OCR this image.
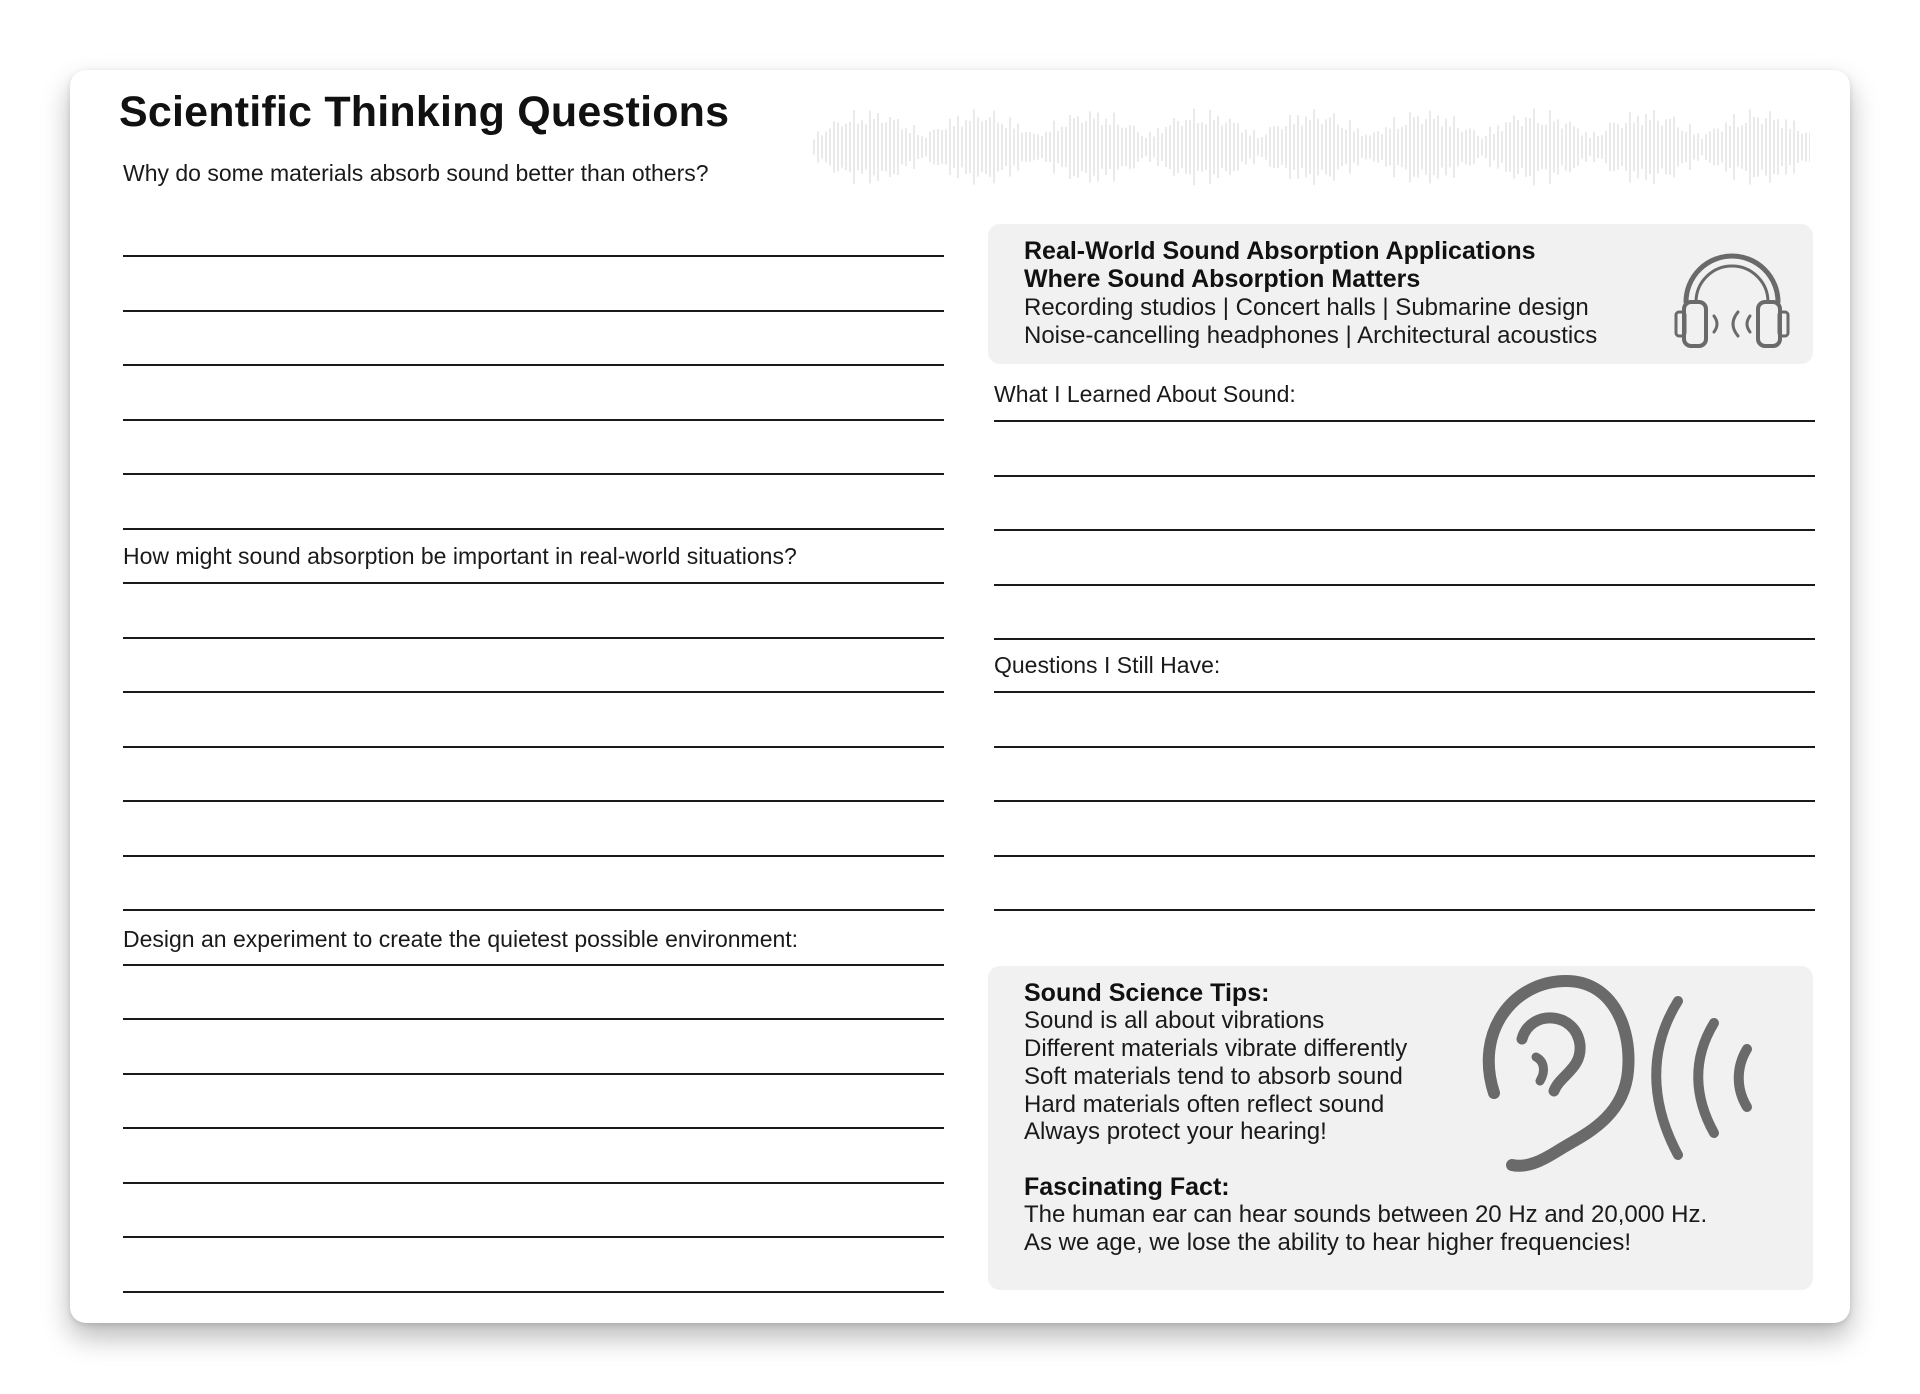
Scientific Thinking Questions
Why do some materials absorb sound better than others?
How might sound absorption be important in real-world situations?
Design an experiment to create the quietest possible environment:
Real-World Sound Absorption Applications
Where Sound Absorption Matters
Recording studios | Concert halls | Submarine design
Noise-cancelling headphones | Architectural acoustics
What I Learned About Sound:
Questions I Still Have:
Sound Science Tips:
Sound is all about vibrations
Different materials vibrate differently
Soft materials tend to absorb sound
Hard materials often reflect sound
Always protect your hearing!
Fascinating Fact:
The human ear can hear sounds between 20 Hz and 20,000 Hz.
As we age, we lose the ability to hear higher frequencies!
